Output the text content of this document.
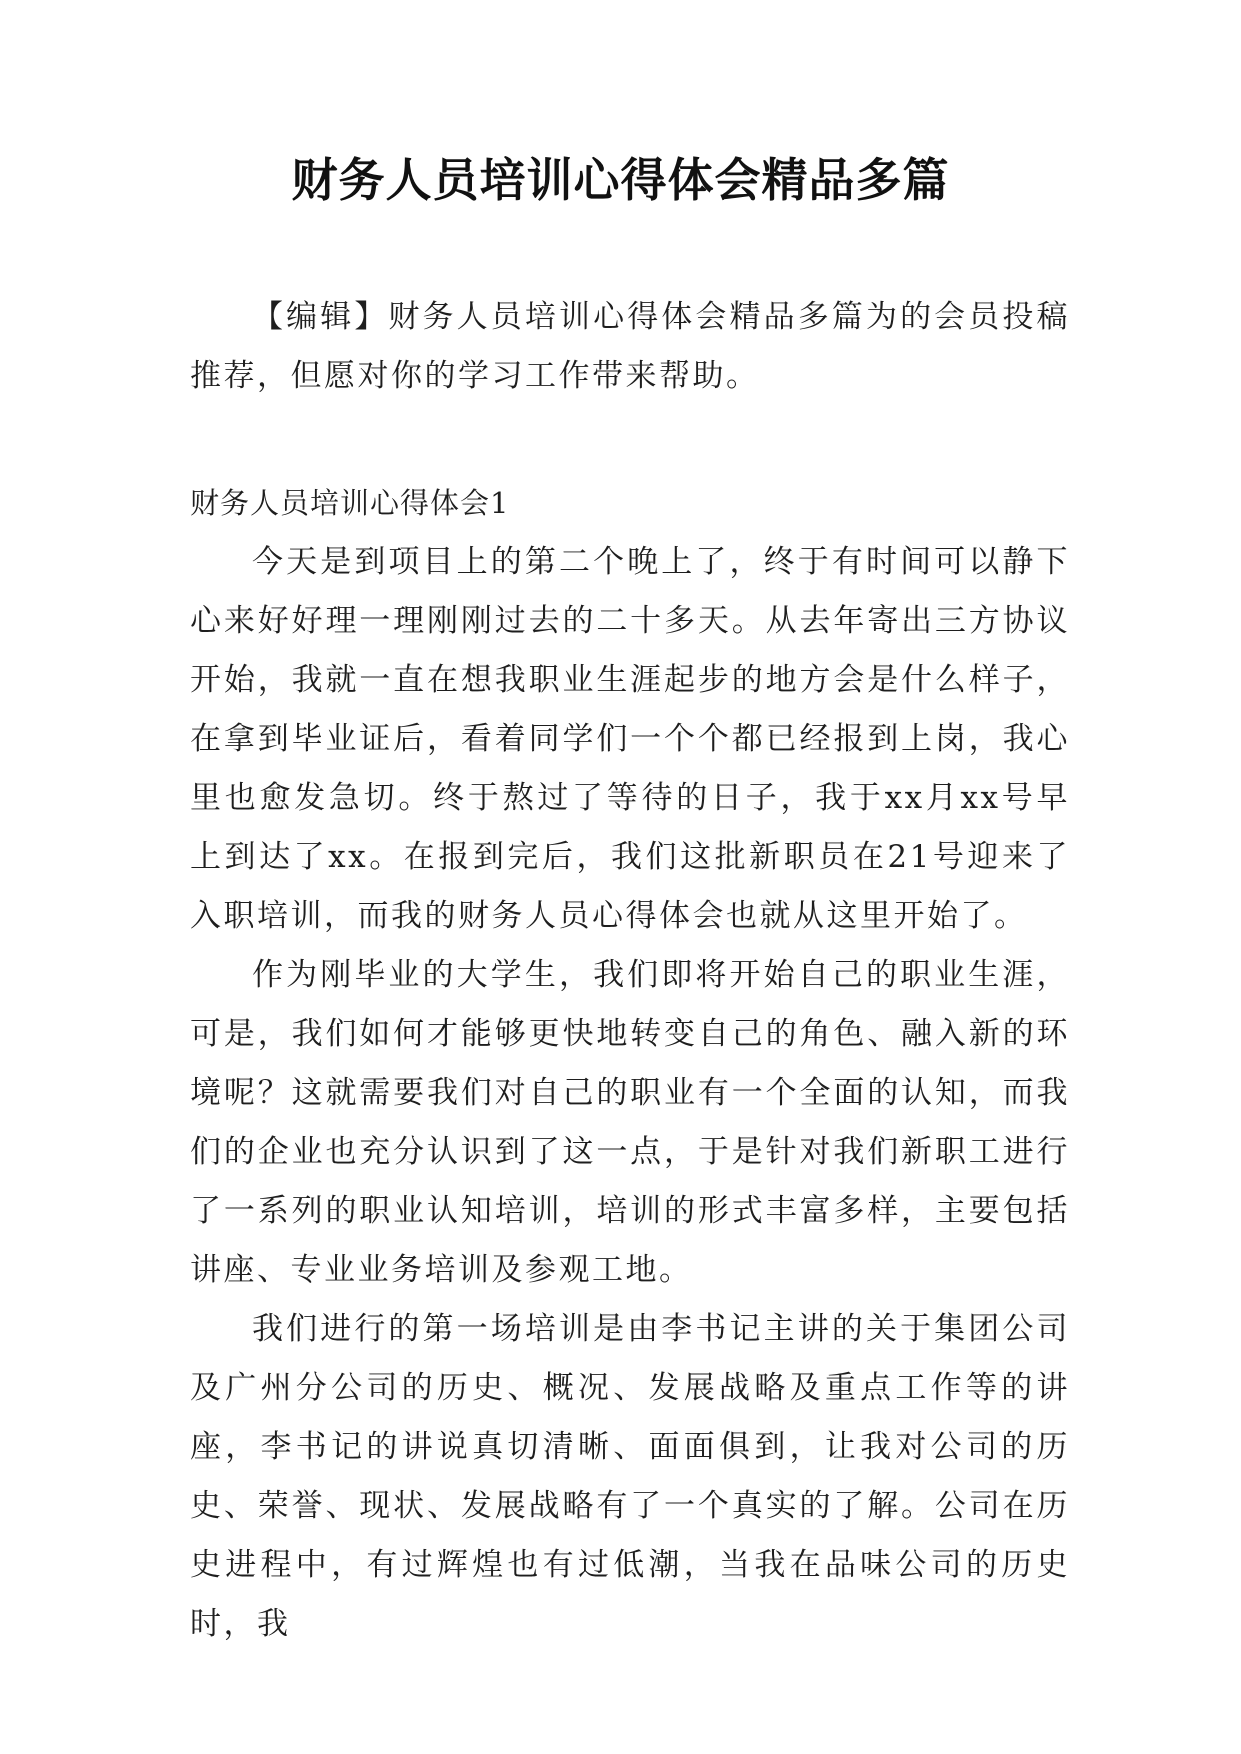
财务人员培训心得体会精品多篇

【编辑】财务人员培训心得体会精品多篇为的会员投稿推荐，但愿对你的学习工作带来帮助。

财务人员培训心得体会1

今天是到项目上的第二个晚上了，终于有时间可以静下心来好好理一理刚刚过去的二十多天。从去年寄出三方协议开始，我就一直在想我职业生涯起步的地方会是什么样子，在拿到毕业证后，看着同学们一个个都已经报到上岗，我心里也愈发急切。终于熬过了等待的日子，我于xx月xx号早上到达了xx。在报到完后，我们这批新职员在21号迎来了入职培训，而我的财务人员心得体会也就从这里开始了。

作为刚毕业的大学生，我们即将开始自己的职业生涯，可是，我们如何才能够更快地转变自己的角色、融入新的环境呢？这就需要我们对自己的职业有一个全面的认知，而我们的企业也充分认识到了这一点，于是针对我们新职工进行了一系列的职业认知培训，培训的形式丰富多样，主要包括讲座、专业业务培训及参观工地。

我们进行的第一场培训是由李书记主讲的关于集团公司及广州分公司的历史、概况、发展战略及重点工作等的讲座，李书记的讲说真切清晰、面面俱到，让我对公司的历史、荣誉、现状、发展战略有了一个真实的了解。公司在历史进程中，有过辉煌也有过低潮，当我在品味公司的历史时，我
